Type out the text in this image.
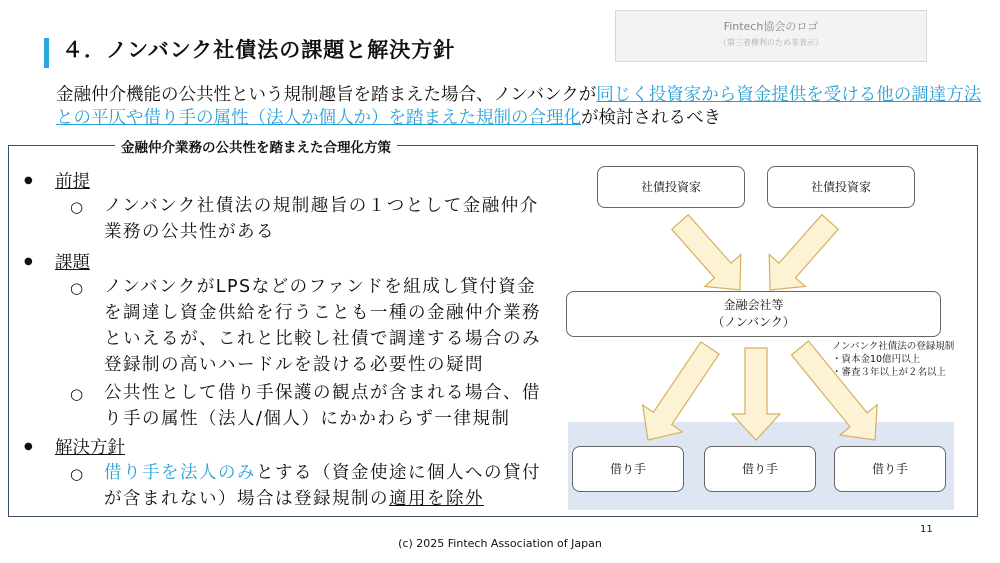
４．ノンバンク社債法の課題と解決方針
Fintech協会のロゴ
（第三者権利のため非表示）
金融仲介機能の公共性という規制趣旨を踏まえた場合、ノンバンクが同じく投資家から資金提供を受ける他の調達方法との平仄や借り手の属性（法人か個人か）を踏まえた規制の合理化が検討されるべき
金融仲介業務の公共性を踏まえた合理化方策
● 前提
○ ノンバンク社債法の規制趣旨の１つとして金融仲介業務の公共性がある
● 課題
○ ノンバンクがLPSなどのファンドを組成し貸付資金を調達し資金供給を行うことも一種の金融仲介業務といえるが、これと比較し社債で調達する場合のみ登録制の高いハードルを設ける必要性の疑問
○ 公共性として借り手保護の観点が含まれる場合、借り手の属性（法人/個人）にかかわらず一律規制
● 解決方針
○ 借り手を法人のみとする（資金使途に個人への貸付が含まれない）場合は登録規制の適用を除外
社債投資家	社債投資家
金融会社等
（ノンバンク）
ノンバンク社債法の登録規制
・資本金10億円以上
・審査３年以上が２名以上
借り手	借り手	借り手
11
(c) 2025 Fintech Association of Japan
